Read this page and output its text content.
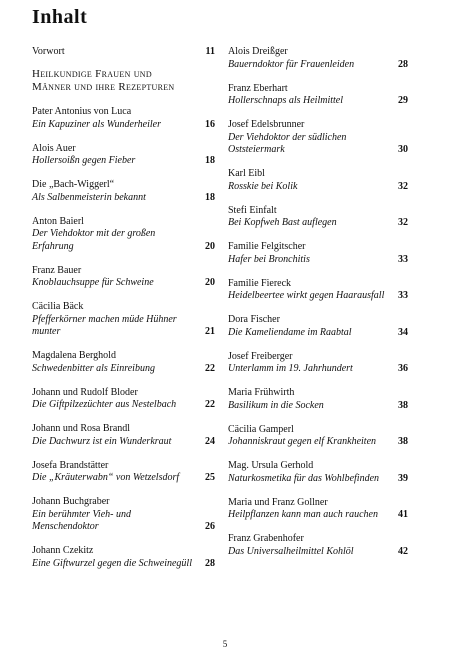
Inhalt
Vorwort	11
Heilkundige Frauen und
Männer und ihre Rezepturen
Pater Antonius von Luca
Ein Kapuziner als Wunderheiler	16
Alois Auer
Hollersoißn gegen Fieber	18
Die „Bach-Wiggerl“
Als Salbenmeisterin bekannt	18
Anton Baierl
Der Viehdoktor mit der großen Erfahrung	20
Franz Bauer
Knoblauchsuppe für Schweine	20
Cäcilia Bäck
Pfefferkörner machen müde Hühner munter	21
Magdalena Berghold
Schwedenbitter als Einreibung	22
Johann und Rudolf Bloder
Die Giftpilzezüchter aus Nestelbach	22
Johann und Rosa Brandl
Die Dachwurz ist ein Wunderkraut	24
Josefa Brandstätter
Die „Kräuterwabn“ von Wetzelsdorf	25
Johann Buchgraber
Ein berühmter Vieh- und Menschendoktor	26
Johann Czekitz
Eine Giftwurzel gegen die Schweinegüll	28
Alois Dreißger
Bauerndoktor für Frauenleiden	28
Franz Eberhart
Hollerschnaps als Heilmittel	29
Josef Edelsbrunner
Der Viehdoktor der südlichen Oststeiermark	30
Karl Eibl
Rosskie bei Kolik	32
Stefi Einfalt
Bei Kopfweh Bast auflegen	32
Familie Felgitscher
Hafer bei Bronchitis	33
Familie Fiereck
Heidelbeertee wirkt gegen Haarausfall	33
Dora Fischer
Die Kameliendame im Raabtal	34
Josef Freiberger
Unterlamm im 19. Jahrhundert	36
Maria Frühwirth
Basilikum in die Socken	38
Cäcilia Gamperl
Johanniskraut gegen elf Krankheiten	38
Mag. Ursula Gerhold
Naturkosmetika für das Wohlbefinden	39
Maria und Franz Gollner
Heilpflanzen kann man auch rauchen	41
Franz Grabenhofer
Das Universalheilmittel Kohlöl	42
5
